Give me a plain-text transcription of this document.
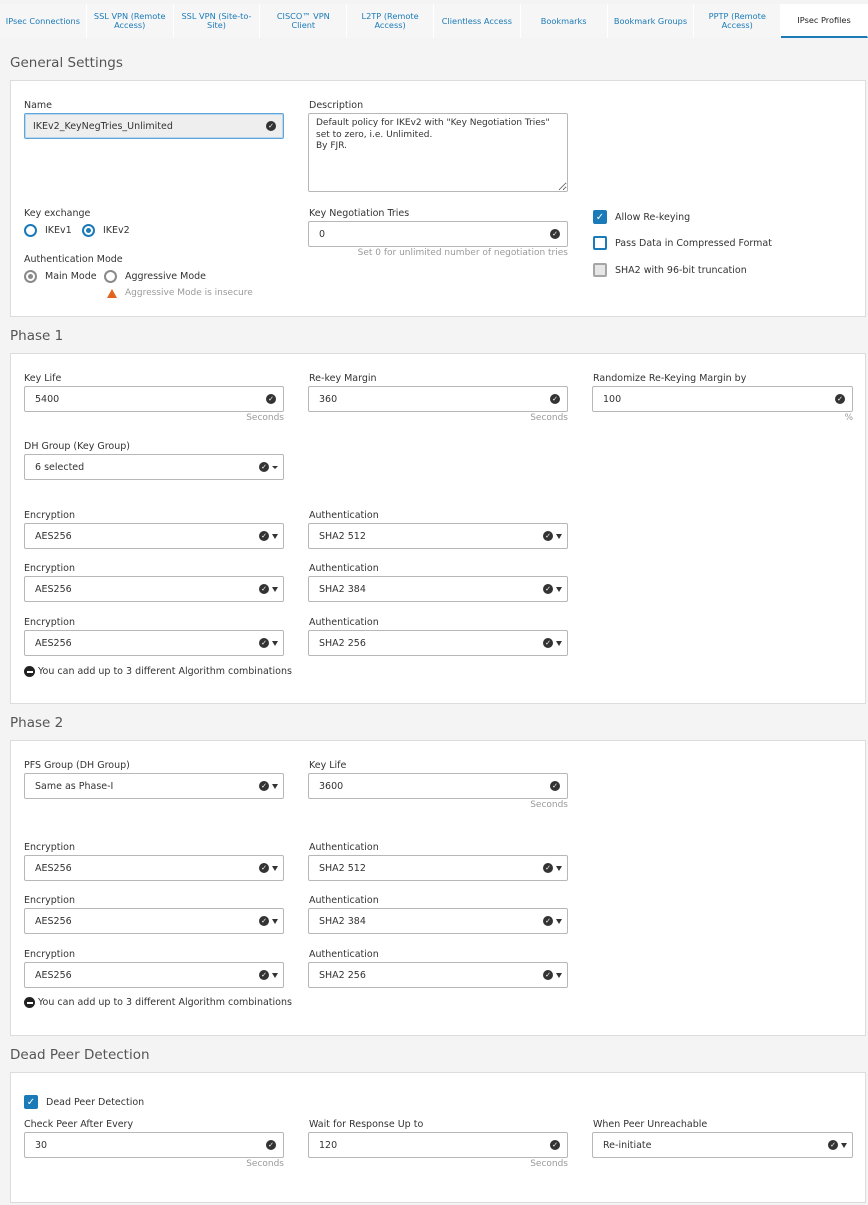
IPsec Connections	SSL VPN (Remote Access)
SSL VPN (Site-to-Site)
CISCO™ VPN Client
L2TP (Remote Access)	Clientless Access	Bookmarks	Bookmark Groups	PPTP (Remote Access)
IPsec Profiles
General Settings
Name
IKEv2_KeyNegTries_Unlimited	✓
Description
Default policy for IKEv2 with "Key Negotiation Tries" set to zero, i.e. Unlimited. By FJR.
Key exchange
IKEv1	IKEv2
Authentication Mode
Main Mode	Aggressive Mode
Aggressive Mode is insecure
Key Negotiation Tries
0	✓
Set 0 for unlimited number of negotiation tries
✓ Allow Re-keying
Pass Data in Compressed Format
SHA2 with 96-bit truncation
Phase 1
Key Life
5400	✓
Seconds
Re-key Margin
360	✓
Seconds
Randomize Re-Keying Margin by
100	✓
%
DH Group (Key Group)
6 selected	✓
Encryption
AES256	✓
Authentication
SHA2 512	✓
Encryption
AES256	✓
Authentication
SHA2 384	✓
Encryption
AES256	✓
Authentication
SHA2 256	✓
You can add up to 3 different Algorithm combinations
Phase 2
PFS Group (DH Group)
Same as Phase-I	✓
Key Life
3600	✓
Seconds
Encryption
AES256	✓
Authentication
SHA2 512	✓
Encryption
AES256	✓
Authentication
SHA2 384	✓
Encryption
AES256	✓
Authentication
SHA2 256	✓
You can add up to 3 different Algorithm combinations
Dead Peer Detection
✓ Dead Peer Detection
Check Peer After Every
30	✓
Seconds
Wait for Response Up to
120	✓
Seconds
When Peer Unreachable
Re-initiate	✓
